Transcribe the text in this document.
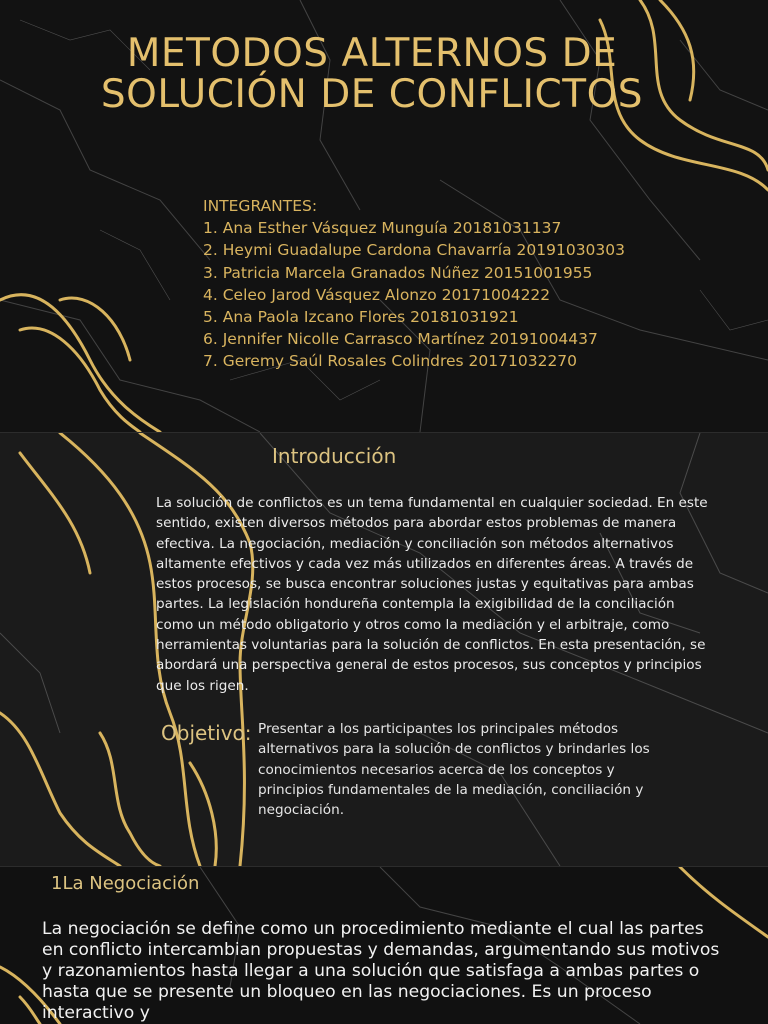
METODOS ALTERNOS DE SOLUCIÓN DE CONFLICTOS
INTEGRANTES:
1. Ana Esther Vásquez Munguía 20181031137
2. Heymi Guadalupe Cardona Chavarría 20191030303
3. Patricia Marcela Granados Núñez 20151001955
4. Celeo Jarod Vásquez Alonzo 20171004222
5. Ana Paola Izcano Flores 20181031921
6. Jennifer Nicolle Carrasco Martínez 20191004437
7. Geremy Saúl Rosales Colindres 20171032270
Introducción

La solución de conflictos es un tema fundamental en cualquier sociedad. En este sentido, existen diversos métodos para abordar estos problemas de manera efectiva. La negociación, mediación y conciliación son métodos alternativos altamente efectivos y cada vez más utilizados en diferentes áreas. A través de estos procesos, se busca encontrar soluciones justas y equitativas para ambas partes. La legislación hondureña contempla la exigibilidad de la conciliación como un método obligatorio y otros como la mediación y el arbitraje, como herramientas voluntarias para la solución de conflictos. En esta presentación, se abordará una perspectiva general de estos procesos, sus conceptos y principios que los rigen.

Objetivo: Presentar a los participantes los principales métodos alternativos para la solución de conflictos y brindarles los conocimientos necesarios acerca de los conceptos y principios fundamentales de la mediación, conciliación y negociación.

1La Negociación

La negociación se define como un procedimiento mediante el cual las partes en conflicto intercambian propuestas y demandas, argumentando sus motivos y razonamientos hasta llegar a una solución que satisfaga a ambas partes o hasta que se presente un bloqueo en las negociaciones. Es un proceso interactivo y
